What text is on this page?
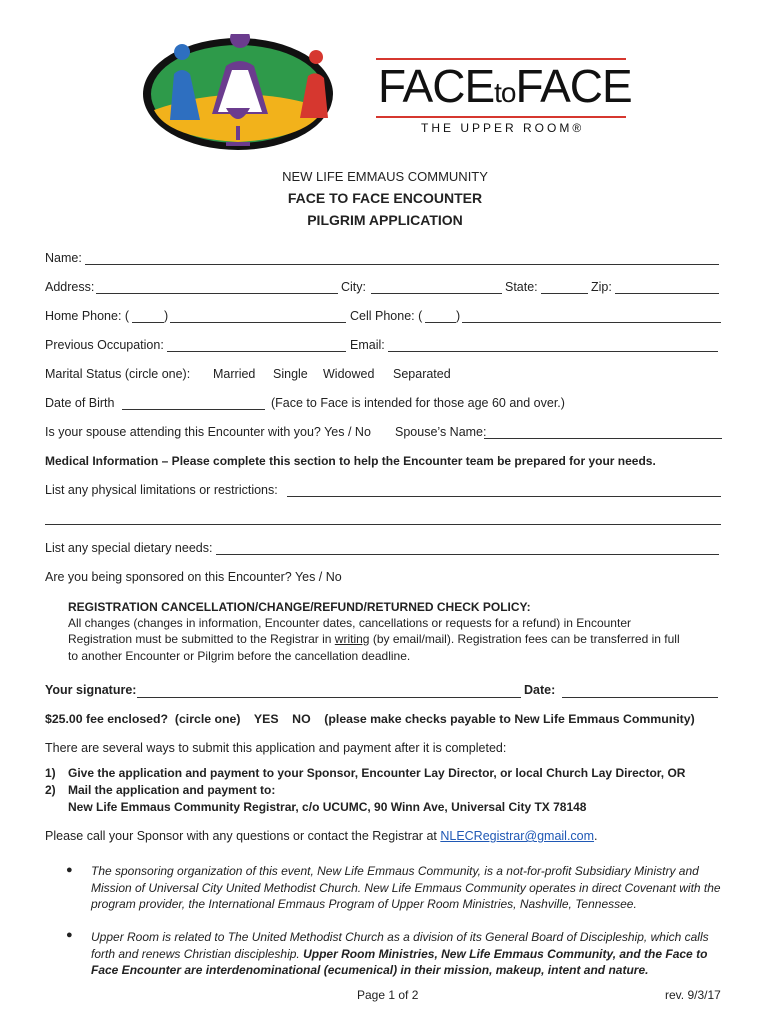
FACEtoFACE
THE UPPER ROOM®
NEW LIFE EMMAUS COMMUNITY
FACE TO FACE ENCOUNTER
PILGRIM APPLICATION
Name:
Address:	City:	State:	Zip:
Home Phone: (	)	Cell Phone: (	)
Previous Occupation:	Email:
Marital Status (circle one): Married Single Widowed Separated
Date of Birth	(Face to Face is intended for those age 60 and over.)
Is your spouse attending this Encounter with you? Yes / No Spouse’s Name:
Medical Information – Please complete this section to help the Encounter team be prepared for your needs.
List any physical limitations or restrictions:
List any special dietary needs:
Are you being sponsored on this Encounter? Yes / No
REGISTRATION CANCELLATION/CHANGE/REFUND/RETURNED CHECK POLICY:
All changes (changes in information, Encounter dates, cancellations or requests for a refund) in Encounter
Registration must be submitted to the Registrar in writing (by email/mail). Registration fees can be transferred in full
to another Encounter or Pilgrim before the cancellation deadline.
Your signature:	Date:
$25.00 fee enclosed?  (circle one)    YES    NO    (please make checks payable to New Life Emmaus Community)
There are several ways to submit this application and payment after it is completed:
1) Give the application and payment to your Sponsor, Encounter Lay Director, or local Church Lay Director, OR
2) Mail the application and payment to:
New Life Emmaus Community Registrar, c/o UCUMC, 90 Winn Ave, Universal City TX 78148
Please call your Sponsor with any questions or contact the Registrar at NLECRegistrar@gmail.com.
● The sponsoring organization of this event, New Life Emmaus Community, is a not-for-profit Subsidiary Ministry and Mission of Universal City United Methodist Church. New Life Emmaus Community operates in direct Covenant with the program provider, the International Emmaus Program of Upper Room Ministries, Nashville, Tennessee.
● Upper Room is related to The United Methodist Church as a division of its General Board of Discipleship, which calls forth and renews Christian discipleship. Upper Room Ministries, New Life Emmaus Community, and the Face to Face Encounter are interdenominational (ecumenical) in their mission, makeup, intent and nature.
Page 1 of 2	rev. 9/3/17
